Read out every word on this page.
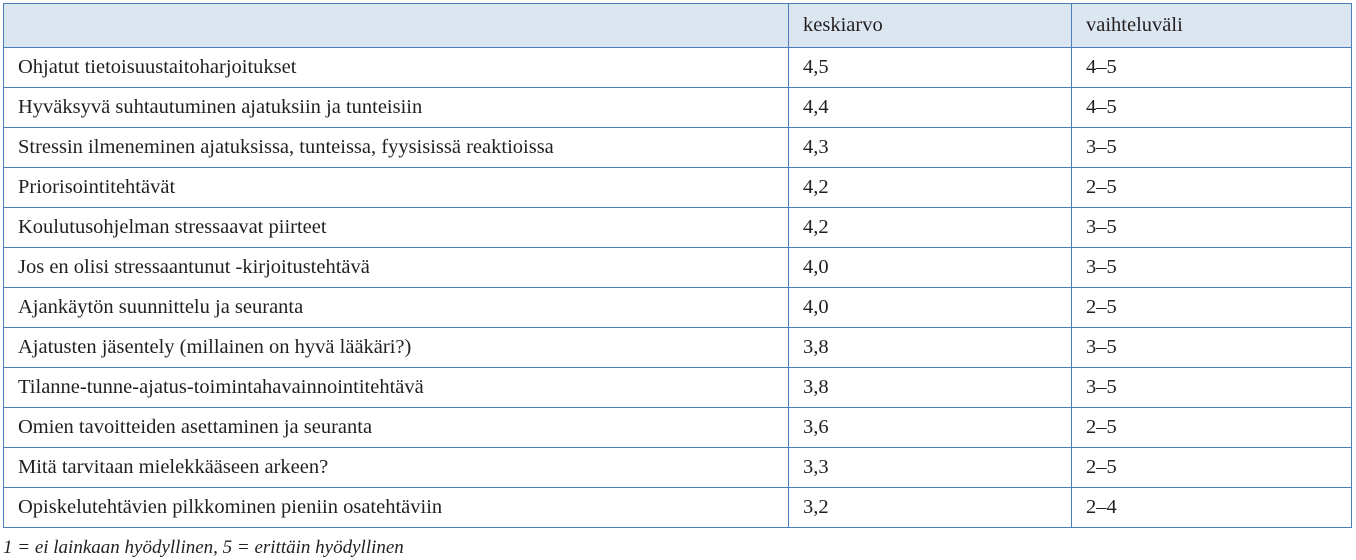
	keskiarvo	vaihteluväli
Ohjatut tietoisuustaitoharjoitukset	4,5	4–5
Hyväksyvä suhtautuminen ajatuksiin ja tunteisiin	4,4	4–5
Stressin ilmeneminen ajatuksissa, tunteissa, fyysisissä reaktioissa	4,3	3–5
Priorisointitehtävät	4,2	2–5
Koulutusohjelman stressaavat piirteet	4,2	3–5
Jos en olisi stressaantunut -kirjoitustehtävä	4,0	3–5
Ajankäytön suunnittelu ja seuranta	4,0	2–5
Ajatusten jäsentely (millainen on hyvä lääkäri?)	3,8	3–5
Tilanne-tunne-ajatus-toimintahavainnointitehtävä	3,8	3–5
Omien tavoitteiden asettaminen ja seuranta	3,6	2–5
Mitä tarvitaan mielekkääseen arkeen?	3,3	2–5
Opiskelutehtävien pilkkominen pieniin osatehtäviin	3,2	2–4
1 = ei lainkaan hyödyllinen, 5 = erittäin hyödyllinen
